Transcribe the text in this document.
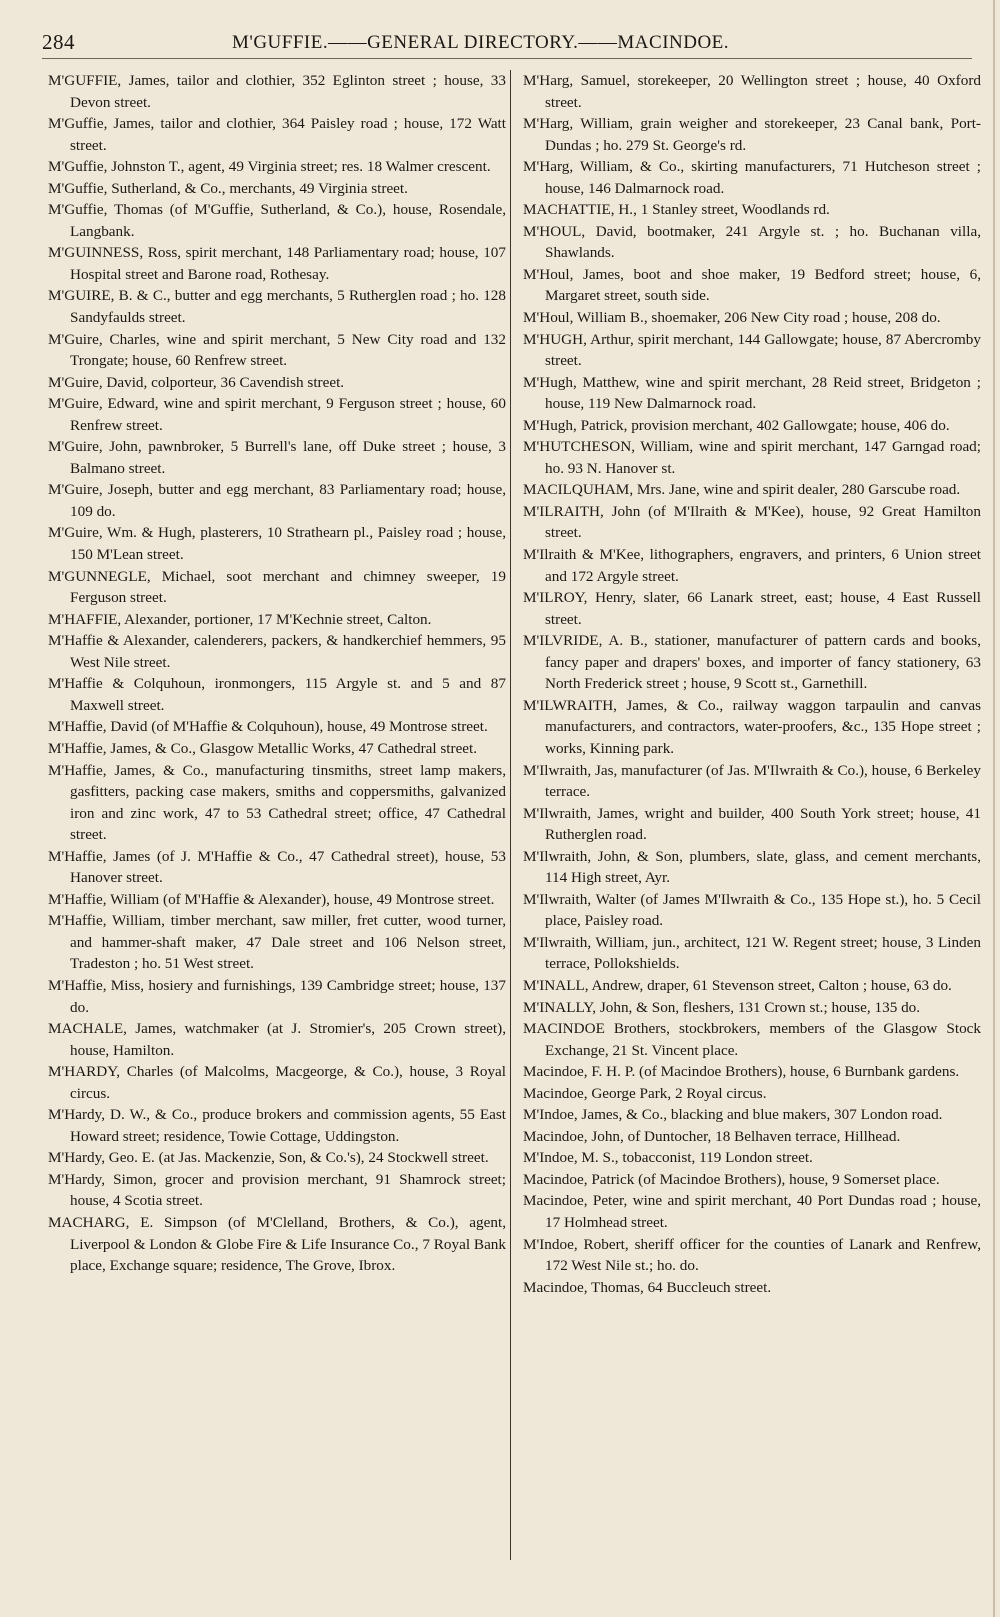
284	M'GUFFIE.——GENERAL DIRECTORY.——MACINDOE.

M'GUFFIE, James, tailor and clothier, 352 Eglinton street ; house, 33 Devon street.

M'Guffie, James, tailor and clothier, 364 Paisley road ; house, 172 Watt street.

M'Guffie, Johnston T., agent, 49 Virginia street; res. 18 Walmer crescent.

M'Guffie, Sutherland, & Co., merchants, 49 Virginia street.

M'Guffie, Thomas (of M'Guffie, Sutherland, & Co.), house, Rosendale, Langbank.

M'GUINNESS, Ross, spirit merchant, 148 Parliamentary road; house, 107 Hospital street and Barone road, Rothesay.

M'GUIRE, B. & C., butter and egg merchants, 5 Rutherglen road ; ho. 128 Sandyfaulds street.

M'Guire, Charles, wine and spirit merchant, 5 New City road and 132 Trongate; house, 60 Renfrew street.

M'Guire, David, colporteur, 36 Cavendish street.

M'Guire, Edward, wine and spirit merchant, 9 Ferguson street ; house, 60 Renfrew street.

M'Guire, John, pawnbroker, 5 Burrell's lane, off Duke street ; house, 3 Balmano street.

M'Guire, Joseph, butter and egg merchant, 83 Parliamentary road; house, 109 do.

M'Guire, Wm. & Hugh, plasterers, 10 Strathearn pl., Paisley road ; house, 150 M'Lean street.

M'GUNNEGLE, Michael, soot merchant and chimney sweeper, 19 Ferguson street.

M'HAFFIE, Alexander, portioner, 17 M'Kechnie street, Calton.

M'Haffie & Alexander, calenderers, packers, & handkerchief hemmers, 95 West Nile street.

M'Haffie & Colquhoun, ironmongers, 115 Argyle st. and 5 and 87 Maxwell street.

M'Haffie, David (of M'Haffie & Colquhoun), house, 49 Montrose street.

M'Haffie, James, & Co., Glasgow Metallic Works, 47 Cathedral street.

M'Haffie, James, & Co., manufacturing tinsmiths, street lamp makers, gasfitters, packing case makers, smiths and coppersmiths, galvanized iron and zinc work, 47 to 53 Cathedral street; office, 47 Cathedral street.

M'Haffie, James (of J. M'Haffie & Co., 47 Cathedral street), house, 53 Hanover street.

M'Haffie, William (of M'Haffie & Alexander), house, 49 Montrose street.

M'Haffie, William, timber merchant, saw miller, fret cutter, wood turner, and hammer-shaft maker, 47 Dale street and 106 Nelson street, Tradeston ; ho. 51 West street.

M'Haffie, Miss, hosiery and furnishings, 139 Cambridge street; house, 137 do.

MACHALE, James, watchmaker (at J. Stromier's, 205 Crown street), house, Hamilton.

M'HARDY, Charles (of Malcolms, Macgeorge, & Co.), house, 3 Royal circus.

M'Hardy, D. W., & Co., produce brokers and commission agents, 55 East Howard street; residence, Towie Cottage, Uddingston.

M'Hardy, Geo. E. (at Jas. Mackenzie, Son, & Co.'s), 24 Stockwell street.

M'Hardy, Simon, grocer and provision merchant, 91 Shamrock street; house, 4 Scotia street.

MACHARG, E. Simpson (of M'Clelland, Brothers, & Co.), agent, Liverpool & London & Globe Fire & Life Insurance Co., 7 Royal Bank place, Exchange square; residence, The Grove, Ibrox.

M'Harg, Samuel, storekeeper, 20 Wellington street ; house, 40 Oxford street.

M'Harg, William, grain weigher and storekeeper, 23 Canal bank, Port-Dundas ; ho. 279 St. George's rd.

M'Harg, William, & Co., skirting manufacturers, 71 Hutcheson street ; house, 146 Dalmarnock road.

MACHATTIE, H., 1 Stanley street, Woodlands rd.

M'HOUL, David, bootmaker, 241 Argyle st. ; ho. Buchanan villa, Shawlands.

M'Houl, James, boot and shoe maker, 19 Bedford street; house, 6, Margaret street, south side.

M'Houl, William B., shoemaker, 206 New City road ; house, 208 do.

M'HUGH, Arthur, spirit merchant, 144 Gallowgate; house, 87 Abercromby street.

M'Hugh, Matthew, wine and spirit merchant, 28 Reid street, Bridgeton ; house, 119 New Dalmarnock road.

M'Hugh, Patrick, provision merchant, 402 Gallowgate; house, 406 do.

M'HUTCHESON, William, wine and spirit merchant, 147 Garngad road; ho. 93 N. Hanover st.

MACILQUHAM, Mrs. Jane, wine and spirit dealer, 280 Garscube road.

M'ILRAITH, John (of M'Ilraith & M'Kee), house, 92 Great Hamilton street.

M'Ilraith & M'Kee, lithographers, engravers, and printers, 6 Union street and 172 Argyle street.

M'ILROY, Henry, slater, 66 Lanark street, east; house, 4 East Russell street.

M'ILVRIDE, A. B., stationer, manufacturer of pattern cards and books, fancy paper and drapers' boxes, and importer of fancy stationery, 63 North Frederick street ; house, 9 Scott st., Garnethill.

M'ILWRAITH, James, & Co., railway waggon tarpaulin and canvas manufacturers, and contractors, water-proofers, &c., 135 Hope street ; works, Kinning park.

M'Ilwraith, Jas, manufacturer (of Jas. M'Ilwraith & Co.), house, 6 Berkeley terrace.

M'Ilwraith, James, wright and builder, 400 South York street; house, 41 Rutherglen road.

M'Ilwraith, John, & Son, plumbers, slate, glass, and cement merchants, 114 High street, Ayr.

M'Ilwraith, Walter (of James M'Ilwraith & Co., 135 Hope st.), ho. 5 Cecil place, Paisley road.

M'Ilwraith, William, jun., architect, 121 W. Regent street; house, 3 Linden terrace, Pollokshields.

M'INALL, Andrew, draper, 61 Stevenson street, Calton ; house, 63 do.

M'INALLY, John, & Son, fleshers, 131 Crown st.; house, 135 do.

MACINDOE Brothers, stockbrokers, members of the Glasgow Stock Exchange, 21 St. Vincent place.

Macindoe, F. H. P. (of Macindoe Brothers), house, 6 Burnbank gardens.

Macindoe, George Park, 2 Royal circus.

M'Indoe, James, & Co., blacking and blue makers, 307 London road.

Macindoe, John, of Duntocher, 18 Belhaven terrace, Hillhead.

M'Indoe, M. S., tobacconist, 119 London street.

Macindoe, Patrick (of Macindoe Brothers), house, 9 Somerset place.

Macindoe, Peter, wine and spirit merchant, 40 Port Dundas road ; house, 17 Holmhead street.

M'Indoe, Robert, sheriff officer for the counties of Lanark and Renfrew, 172 West Nile st.; ho. do.

Macindoe, Thomas, 64 Buccleuch street.
